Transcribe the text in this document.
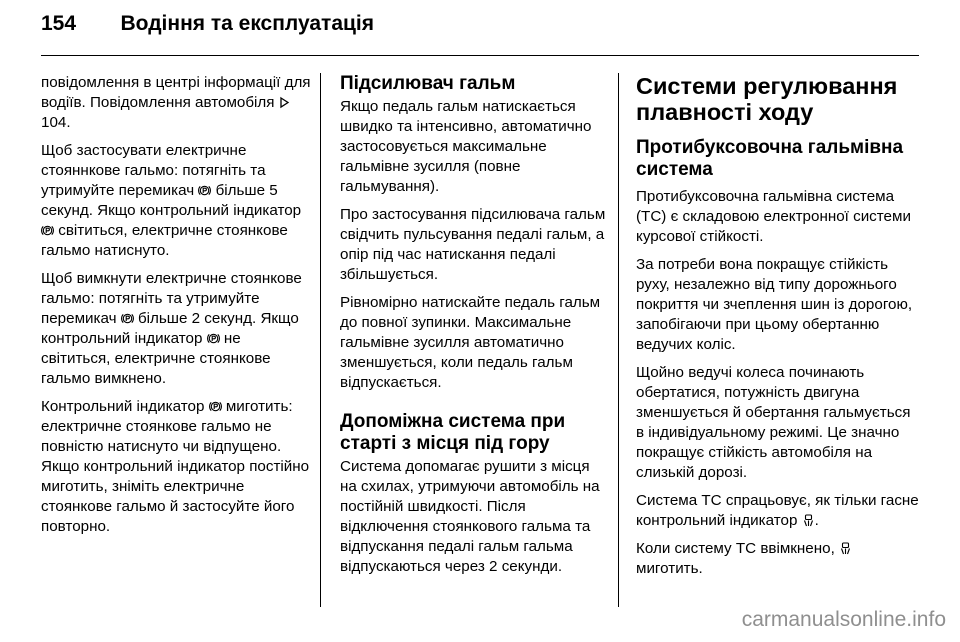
154 Водіння та експлуатація

повідомлення в центрі інформації для водіїв. Повідомлення автомобіля  104.

Щоб застосувати електричне стояннкове гальмо: потягніть та утримуйте перемикач  більше 5 секунд. Якщо контрольний індикатор  світиться, електричне стоянкове гальмо натиснуто.

Щоб вимкнути електричне стоянкове гальмо: потягніть та утримуйте перемикач  більше 2 секунд. Якщо контрольний індикатор  не світиться, електричне стоянкове гальмо вимкнено.

Контрольний індикатор  миготить: електричне стоянкове гальмо не повністю натиснуто чи відпущено. Якщо контрольний індикатор постійно миготить, зніміть електричне стоянкове гальмо й застосуйте його повторно.

Підсилювач гальм

Якщо педаль гальм натискається швидко та інтенсивно, автоматично застосовується максимальне гальмівне зусилля (повне гальмування).

Про застосування підсилювача гальм свідчить пульсування педалі гальм, а опір під час натискання педалі збільшується.

Рівномірно натискайте педаль гальм до повної зупинки. Максимальне гальмівне зусилля автоматично зменшується, коли педаль гальм відпускається.

Допоміжна система при старті з місця під гору

Система допомагає рушити з місця на схилах, утримуючи автомобіль на постійній швидкості. Після відключення стоянкового гальма та відпускання педалі гальм гальма відпускаються через 2 секунди.

Системи регулювання плавності ходу
Протибуксовочна гальмівна система

Протибуксовочна гальмівна система (TC) є складовою електронної системи курсової стійкості.

За потреби вона покращує стійкість руху, незалежно від типу дорожнього покриття чи зчеплення шин із дорогою, запобігаючи при цьому обертанню ведучих коліс.

Щойно ведучі колеса починають обертатися, потужність двигуна зменшується й обертання гальмується в індивідуальному режимі. Це значно покращує стійкість автомобіля на слизькій дорозі.

Система TC спрацьовує, як тільки гасне контрольний індикатор .

Коли систему TC ввімкнено,  миготить.

carmanualsonline.info
